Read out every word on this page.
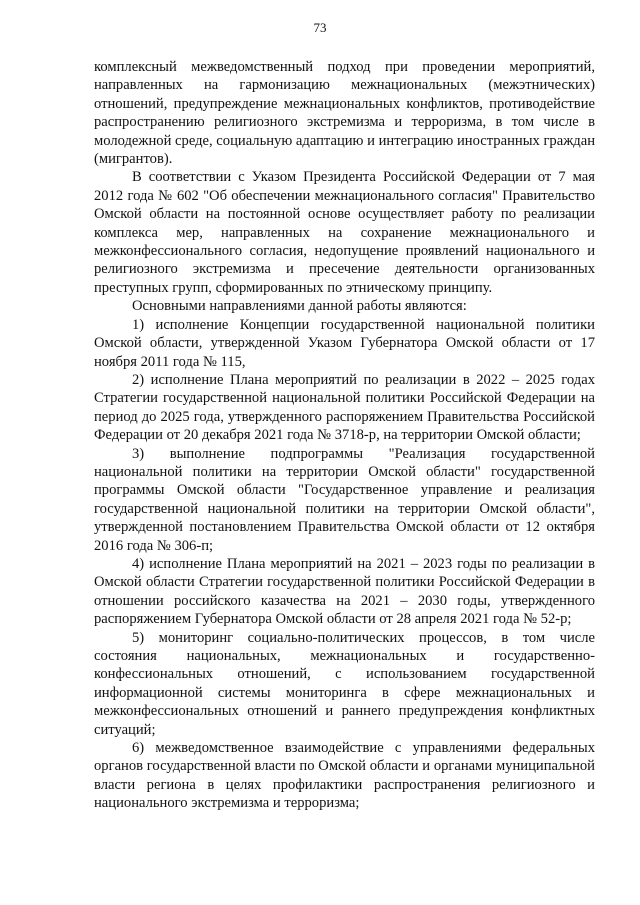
73

комплексный межведомственный подход при проведении мероприятий, направленных на гармонизацию межнациональных (межэтнических) отношений, предупреждение межнациональных конфликтов, противодействие распространению религиозного экстремизма и терроризма, в том числе в молодежной среде, социальную адаптацию и интеграцию иностранных граждан (мигрантов).

В соответствии с Указом Президента Российской Федерации от 7 мая 2012 года № 602 "Об обеспечении межнационального согласия" Правительство Омской области на постоянной основе осуществляет работу по реализации комплекса мер, направленных на сохранение межнационального и межконфессионального согласия, недопущение проявлений национального и религиозного экстремизма и пресечение деятельности организованных преступных групп, сформированных по этническому принципу.

Основными направлениями данной работы являются:

1) исполнение Концепции государственной национальной политики Омской области, утвержденной Указом Губернатора Омской области от 17 ноября 2011 года № 115,

2) исполнение Плана мероприятий по реализации в 2022 – 2025 годах Стратегии государственной национальной политики Российской Федерации на период до 2025 года, утвержденного распоряжением Правительства Российской Федерации от 20 декабря 2021 года № 3718-р, на территории Омской области;

3) выполнение подпрограммы "Реализация государственной национальной политики на территории Омской области" государственной программы Омской области "Государственное управление и реализация государственной национальной политики на территории Омской области", утвержденной постановлением Правительства Омской области от 12 октября 2016 года № 306-п;

4) исполнение Плана мероприятий на 2021 – 2023 годы по реализации в Омской области Стратегии государственной политики Российской Федерации в отношении российского казачества на 2021 – 2030 годы, утвержденного распоряжением Губернатора Омской области от 28 апреля 2021 года № 52-р;

5) мониторинг социально-политических процессов, в том числе состояния национальных, межнациональных и государственно-конфессиональных отношений, с использованием государственной информационной системы мониторинга в сфере межнациональных и межконфессиональных отношений и раннего предупреждения конфликтных ситуаций;

6) межведомственное взаимодействие с управлениями федеральных органов государственной власти по Омской области и органами муниципальной власти региона в целях профилактики распространения религиозного и национального экстремизма и терроризма;
